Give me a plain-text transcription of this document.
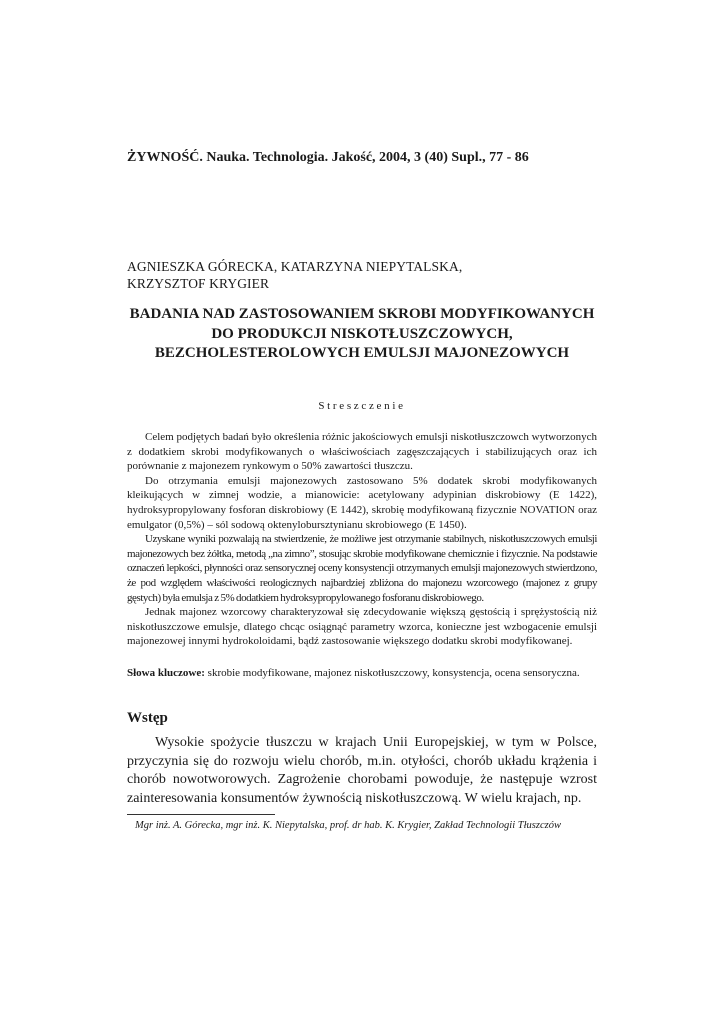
ŻYWNOŚĆ. Nauka. Technologia. Jakość, 2004, 3 (40) Supl., 77 - 86
AGNIESZKA GÓRECKA, KATARZYNA NIEPYTALSKA,
KRZYSZTOF KRYGIER
BADANIA NAD ZASTOSOWANIEM SKROBI MODYFIKOWANYCH
DO PRODUKCJI NISKOTŁUSZCZOWYCH,
BEZCHOLESTEROLOWYCH EMULSJI MAJONEZOWYCH
Streszczenie

Celem podjętych badań było określenia różnic jakościowych emulsji niskotłuszczowch wytworzonych z dodatkiem skrobi modyfikowanych o właściwościach zagęszczających i stabilizujących oraz ich porównanie z majonezem rynkowym o 50% zawartości tłuszczu.

Do otrzymania emulsji majonezowych zastosowano 5% dodatek skrobi modyfikowanych kleikujących w zimnej wodzie, a mianowicie: acetylowany adypinian diskrobiowy (E 1422), hydroksypropylowany fosforan diskrobiowy (E 1442), skrobię modyfikowaną fizycznie NOVATION oraz emulgator (0,5%) – sól sodową oktenylobursztynianu skrobiowego (E 1450).

Uzyskane wyniki pozwalają na stwierdzenie, że możliwe jest otrzymanie stabilnych, niskotłuszczowych emulsji majonezowych bez żółtka, metodą „na zimno”, stosując skrobie modyfikowane chemicznie i fizycznie. Na podstawie oznaczeń lepkości, płynności oraz sensorycznej oceny konsystencji otrzymanych emulsji majonezowych stwierdzono, że pod względem właściwości reologicznych najbardziej zbliżona do majonezu wzorcowego (majonez z grupy gęstych) była emulsja z 5% dodatkiem hydroksypropylowanego fosforanu diskrobiowego.

Jednak majonez wzorcowy charakteryzował się zdecydowanie większą gęstością i sprężystością niż niskotłuszczowe emulsje, dlatego chcąc osiągnąć parametry wzorca, konieczne jest wzbogacenie emulsji majonezowej innymi hydrokoloidami, bądź zastosowanie większego dodatku skrobi modyfikowanej.

Słowa kluczowe: skrobie modyfikowane, majonez niskotłuszczowy, konsystencja, ocena sensoryczna.
Wstęp

Wysokie spożycie tłuszczu w krajach Unii Europejskiej, w tym w Polsce, przyczynia się do rozwoju wielu chorób, m.in. otyłości, chorób układu krążenia i chorób nowotworowych. Zagrożenie chorobami powoduje, że następuje wzrost zainteresowania konsumentów żywnością niskotłuszczową. W wielu krajach, np.

Mgr inż. A. Górecka, mgr inż. K. Niepytalska, prof. dr hab. K. Krygier, Zakład Technologii Tłuszczów
